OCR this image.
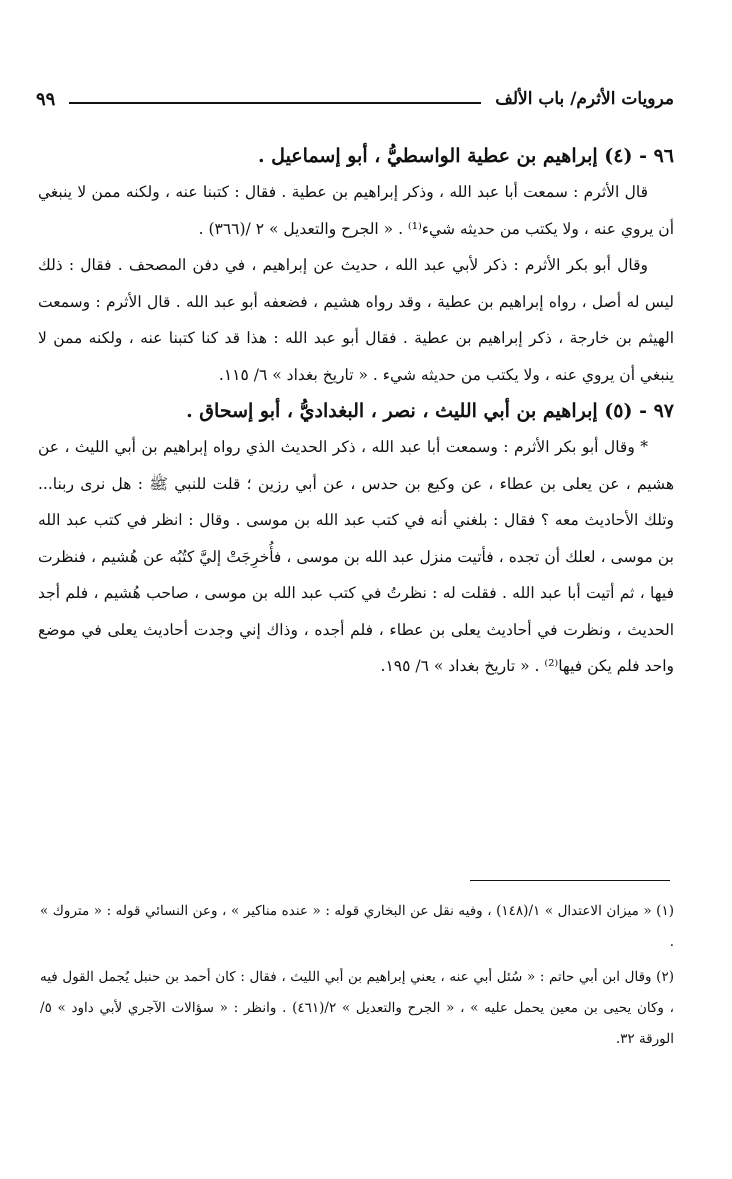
مرويات الأثرم/ باب الألف
٩٩

٩٦ - (٤) إبراهيم بن عطية الواسطيُّ ، أبو إسماعيل .

قال الأثرم : سمعت أبا عبد الله ، وذكر إبراهيم بن عطية . فقال : كتبنا عنه ، ولكنه ممن لا ينبغي أن يروي عنه ، ولا يكتب من حديثه شيء⁽¹⁾ . « الجرح والتعديل » ٢ /(٣٦٦) .

وقال أبو بكر الأثرم : ذكر لأبي عبد الله ، حديث عن إبراهيم ، في دفن المصحف . فقال : ذلك ليس له أصل ، رواه إبراهيم بن عطية ، وقد رواه هشيم ، فضعفه أبو عبد الله . قال الأثرم : وسمعت الهيثم بن خارجة ، ذكر إبراهيم بن عطية . فقال أبو عبد الله : هذا قد كنا كتبنا عنه ، ولكنه ممن لا ينبغي أن يروي عنه ، ولا يكتب من حديثه شيء . « تاريخ بغداد » ٦/ ١١٥.

٩٧ - (٥) إبراهيم بن أبي الليث ، نصر ، البغداديُّ ، أبو إسحاق .

* وقال أبو بكر الأثرم : وسمعت أبا عبد الله ، ذكر الحديث الذي رواه إبراهيم بن أبي الليث ، عن هشيم ، عن يعلى بن عطاء ، عن وكيع بن حدس ، عن أبي رزين ؛ قلت للنبي ﷺ : هل نرى ربنا... وتلك الأحاديث معه ؟ فقال : بلغني أنه في كتب عبد الله بن موسى . وقال : انظر في كتب عبد الله بن موسى ، لعلك أن تجده ، فأتيت منزل عبد الله بن موسى ، فأُخرِجَتْ إليَّ كتُبُه عن هُشيم ، فنظرت فيها ، ثم أتيت أبا عبد الله . فقلت له : نظرتُ في كتب عبد الله بن موسى ، صاحب هُشيم ، فلم أجد الحديث ، ونظرت في أحاديث يعلى بن عطاء ، فلم أجده ، وذاك إني وجدت أحاديث يعلى في موضع واحد فلم يكن فيها⁽²⁾ . « تاريخ بغداد » ٦/ ١٩٥.

(١) « ميزان الاعتدال » ١/(١٤٨) ، وفيه نقل عن البخاري قوله : « عنده مناكير » ، وعن النسائي قوله : « متروك » .

(٢) وقال ابن أبي حاتم : « سُئل أبي عنه ، يعني إبراهيم بن أبي الليث ، فقال : كان أحمد بن حنبل يُجمل القول فيه ، وكان يحيى بن معين يحمل عليه » ، « الجرح والتعديل » ٢/(٤٦١) . وانظر : « سؤالات الآجري لأبي داود » ٥/الورقة ٣٢.
